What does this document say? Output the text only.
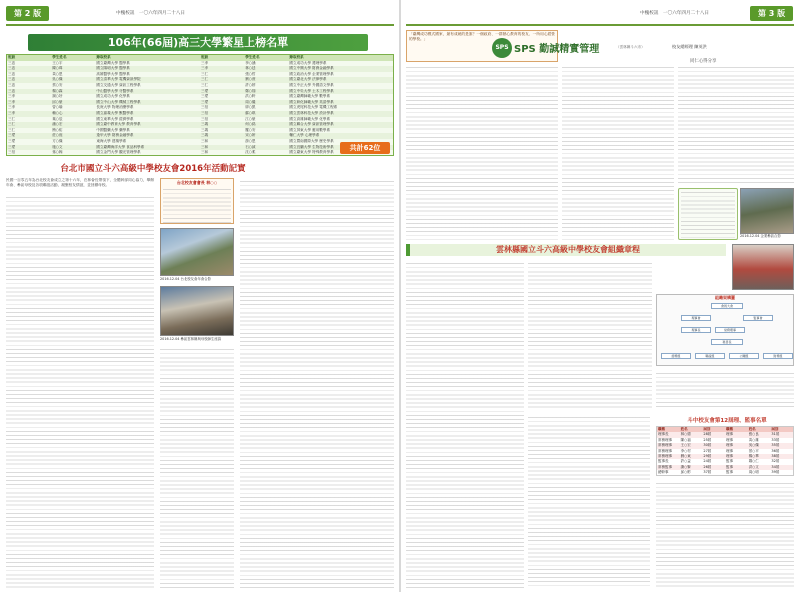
第 2 版	中槐校訊　一〇六年四月二十八日
106年(66屆)高三大學繁星上榜名單
班級	學生姓名	錄取校系	班級	學生姓名	錄取校系
三忠	王○宇	國立臺灣大學 醫學系	三孝	李○涵	國立成功大學 護理學系
三忠	陳○瑋	國立陽明大學 醫學系	三孝	林○廷	國立中興大學 財務金融學系
三忠	黃○恩	高雄醫學大學 醫學系	三仁	張○哲	國立政治大學 企業管理學系
三忠	吳○傑	國立清華大學 電機資訊學院	三仁	劉○萱	國立臺北大學 法律學系
三忠	蔡○安	國立交通大學 資訊工程學系	三仁	許○婷	國立中正大學 外國語文學系
三忠	楊○霖	中山醫學大學 牙醫學系	三愛	鄭○翔	國立中央大學 土木工程學系
三孝	謝○妤	國立成功大學 化學系	三愛	洪○軒	國立臺灣師範大學 數學系
三孝	邱○豪	國立中山大學 機械工程學系	三愛	周○儀	國立彰化師範大學 英語學系
三孝	曾○瑜	長庚大學 物理治療學系	三信	廖○凱	國立虎尾科技大學 電機工程系
三孝	賴○心	國立嘉義大學 獸醫學系	三信	蘇○琪	國立雲林科技大學 設計學系
三仁	葉○辰	國立東華大學 經濟學系	三信	江○豪	國立高雄師範大學 化學系
三仁	潘○宏	國立臺中教育大學 教育學系	三義	何○銘	國立聯合大學 資訊管理學系
三仁	簡○佑	中國醫藥大學 藥學系	三義	羅○安	國立屏東大學 應用數學系
三愛	莊○庭	逢甲大學 財務金融學系	三義	宋○妍	輔仁大學 心理學系
三愛	方○傑	東海大學 建築學系	三和	游○恩	國立暨南國際大學 歷史學系
三愛	施○文	國立臺灣海洋大學 食品科學系	三和	石○誠	國立宜蘭大學 生物技術學系
三信	孫○翰	國立金門大學 觀光管理學系	三和	沈○柔	國立臺東大學 特殊教育學系
共計62位
台北市國立斗六高級中學校友會2016年活動記實
民國一百零五年為台北校友會成立之第十六年，在林會長帶領下，全體幹部同心協力，舉辦年會、參訪母校及各項聯誼活動，凝聚校友情誼，並回饋母校。	台北校友會會長 林○○
2016.12.04 台北校友會年會合影
2016.12.04 參訪雲林縣與母校師生座談
第 3 版
中槐校訊　一〇六年四月二十八日
「臺灣成功模式國家，最有成就的是誰？一個政府、一群熱心教育的校友、一所用心經營的學校。」
SPS SPS 勤誠精實管理	（雲林縣斗六市）	校友總經理 陳英洪
同仁心得分享
2016.12.04 企業參訪合影
雲林縣國立斗六高級中學校友會組織章程
組織架構圖
會員大會
理事會	監事會
理事長	常務理事
秘書長
總務組	聯誼組	公關組	財務組
斗中校友會第12屆理、監事名單
職稱	姓名	屆別	職稱	姓名	屆別
理事長	林○德	28屆	理事	張○良	31屆
常務理事	陳○福	25屆	理事	黃○雄	33屆
常務理事	王○宏	30屆	理事	吳○傑	35屆
常務理事	李○村	27屆	理事	蔡○平	36屆
常務理事	劉○東	29屆	理事	楊○華	38屆
監事長	許○益	24屆	監事	鄭○仁	32屆
常務監事	謝○賢	26屆	監事	洪○文	34屆
總幹事	邱○彬	37屆	監事	周○明	39屆
